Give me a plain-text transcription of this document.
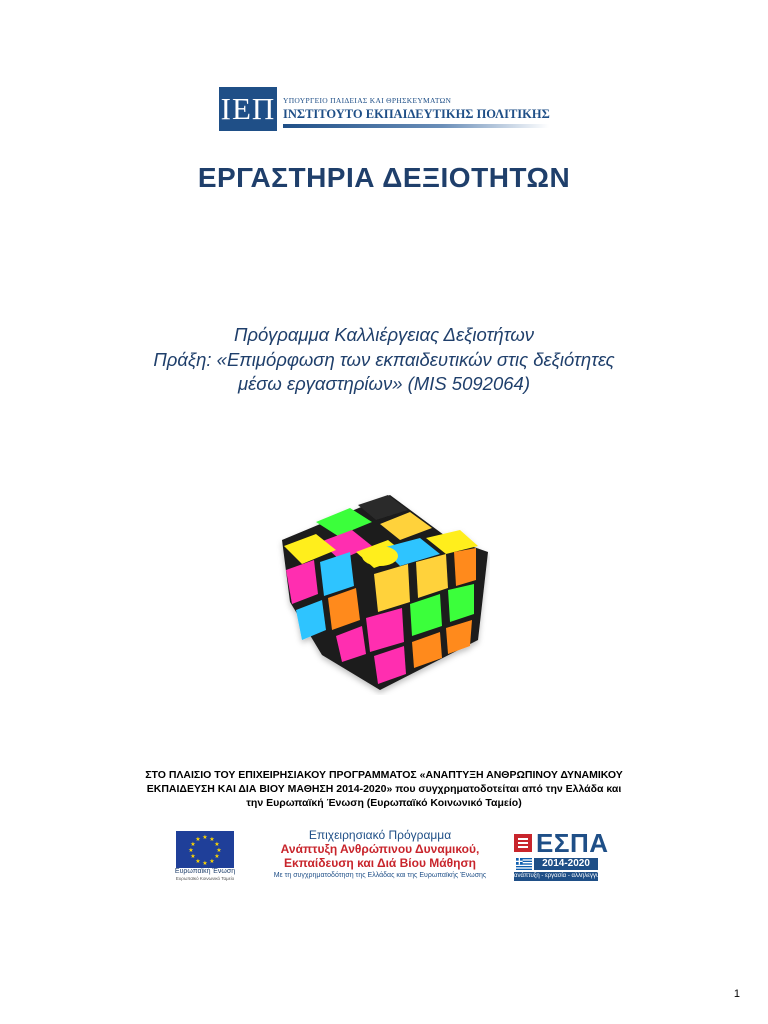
ΙΕΠ ΥΠΟΥΡΓΕΙΟ ΠΑΙΔΕΙΑΣ ΚΑΙ ΘΡΗΣΚΕΥΜΑΤΩΝ
ΙΝΣΤΙΤΟΥΤΟ ΕΚΠΑΙΔΕΥΤΙΚΗΣ ΠΟΛΙΤΙΚΗΣ
ΕΡΓΑΣΤΗΡΙΑ ΔΕΞΙΟΤΗΤΩΝ
Πρόγραμμα Καλλιέργειας Δεξιοτήτων
Πράξη: «Επιμόρφωση των εκπαιδευτικών στις δεξιότητες
μέσω εργαστηρίων» (MIS 5092064)
ΣΤΟ ΠΛΑΙΣΙΟ ΤΟΥ ΕΠΙΧΕΙΡΗΣΙΑΚΟΥ ΠΡΟΓΡΑΜΜΑΤΟΣ «ΑΝΑΠΤΥΞΗ ΑΝΘΡΩΠΙΝΟΥ ΔΥΝΑΜΙΚΟΥ
ΕΚΠΑΙΔΕΥΣΗ ΚΑΙ ΔΙΑ ΒΙΟΥ ΜΑΘΗΣΗ 2014-2020» που συγχρηματοδοτείται από την Ελλάδα και
την Ευρωπαϊκή Ένωση (Ευρωπαϊκό Κοινωνικό Ταμείο)
★ ★
★
★
★
★
★
★
★
★
★
★
Ευρωπαϊκή Ένωση
Ευρωπαϊκό Κοινωνικό Ταμείο
Επιχειρησιακό Πρόγραμμα
Ανάπτυξη Ανθρώπινου Δυναμικού,
Εκπαίδευση και Διά Βίου Μάθηση
Με τη συγχρηματοδότηση της Ελλάδας και της Ευρωπαϊκής Ένωσης
ΕΣΠΑ
2014-2020
ανάπτυξη - εργασία - αλληλεγγύη
1
